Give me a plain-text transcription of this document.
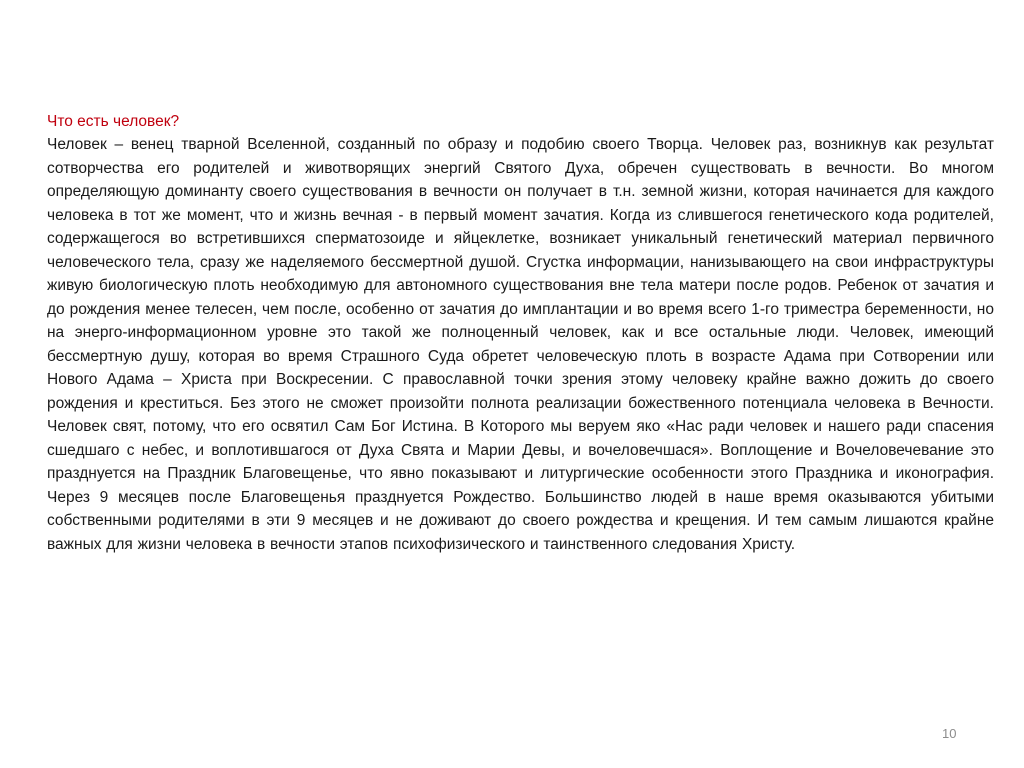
Что есть человек?
Человек – венец тварной Вселенной, созданный по образу и подобию своего Творца. Человек раз, возникнув как результат сотворчества его родителей и животворящих энергий Святого Духа, обречен существовать в вечности. Во многом определяющую доминанту своего существования в вечности он получает в т.н. земной жизни, которая начинается для каждого человека в тот же момент, что и жизнь вечная - в первый момент зачатия. Когда из слившегося генетического кода родителей, содержащегося во встретившихся сперматозоиде и яйцеклетке, возникает уникальный генетический материал первичного человеческого тела, сразу же наделяемого бессмертной душой. Сгустка информации, нанизывающего на свои инфраструктуры живую биологическую плоть необходимую для автономного существования вне тела матери после родов. Ребенок от зачатия и до рождения менее телесен, чем после, особенно от зачатия до имплантации и во время всего 1-го триместра беременности, но на энерго-информационном уровне это такой же полноценный человек, как и все остальные люди. Человек, имеющий бессмертную душу, которая во время Страшного Суда обретет человеческую плоть в возрасте Адама при Сотворении или Нового Адама – Христа при Воскресении. С православной точки зрения этому человеку крайне важно дожить до своего рождения и креститься. Без этого не сможет произойти полнота реализации божественного потенциала человека в Вечности. Человек свят, потому, что его освятил Сам Бог Истина. В Которого мы веруем яко «Нас ради человек и нашего ради спасения сшедшаго с небес, и воплотившагося от Духа Свята и Марии Девы, и вочеловечшася». Воплощение и Вочеловечевание это празднуется на Праздник Благовещенье, что явно показывают и литургические особенности этого Праздника и иконография. Через 9 месяцев после Благовещенья празднуется Рождество. Большинство людей в наше время оказываются убитыми собственными родителями в эти 9 месяцев и не доживают до своего рождества и крещения. И тем самым лишаются крайне важных для жизни человека в вечности этапов психофизического и таинственного следования Христу.
10
